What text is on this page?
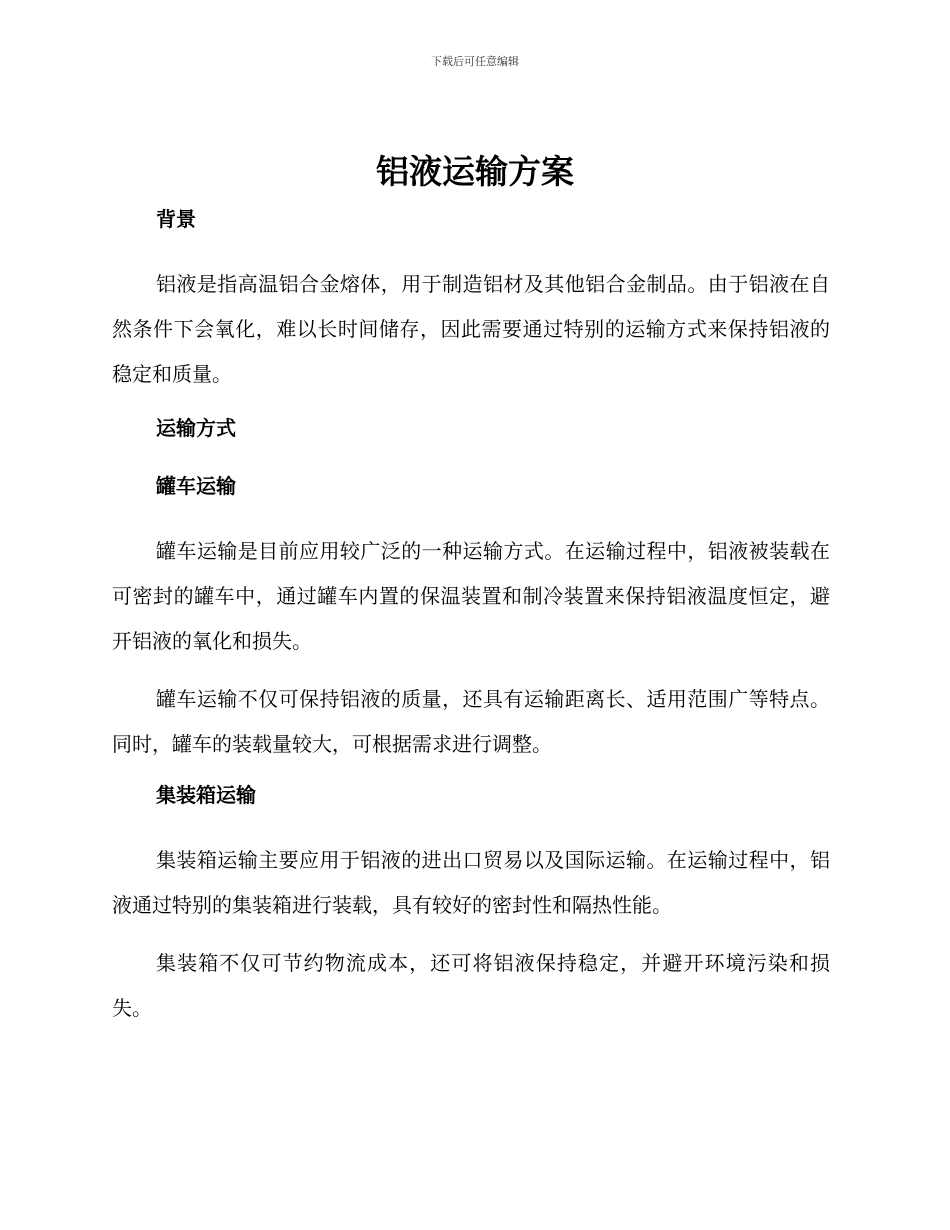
下载后可任意编辑
铝液运输方案
背景

铝液是指高温铝合金熔体，用于制造铝材及其他铝合金制品。由于铝液在自然条件下会氧化，难以长时间储存，因此需要通过特别的运输方式来保持铝液的稳定和质量。

运输方式
罐车运输

罐车运输是目前应用较广泛的一种运输方式。在运输过程中，铝液被装载在可密封的罐车中，通过罐车内置的保温装置和制冷装置来保持铝液温度恒定，避开铝液的氧化和损失。

罐车运输不仅可保持铝液的质量，还具有运输距离长、适用范围广等特点。同时，罐车的装载量较大，可根据需求进行调整。

集装箱运输

集装箱运输主要应用于铝液的进出口贸易以及国际运输。在运输过程中，铝液通过特别的集装箱进行装载，具有较好的密封性和隔热性能。

集装箱不仅可节约物流成本，还可将铝液保持稳定，并避开环境污染和损失。
